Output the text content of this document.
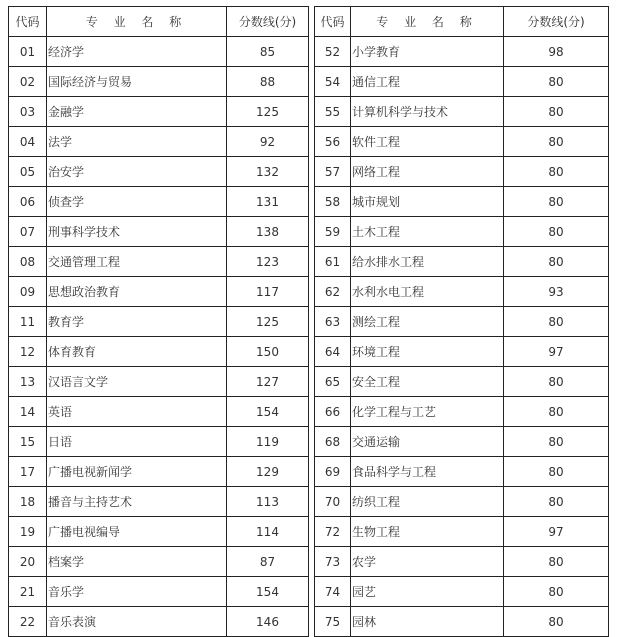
代码	专 业 名 称	分数线(分)
01	经济学	85
02	国际经济与贸易	88
03	金融学	125
04	法学	92
05	治安学	132
06	侦查学	131
07	刑事科学技术	138
08	交通管理工程	123
09	思想政治教育	117
11	教育学	125
12	体育教育	150
13	汉语言文学	127
14	英语	154
15	日语	119
17	广播电视新闻学	129
18	播音与主持艺术	113
19	广播电视编导	114
20	档案学	87
21	音乐学	154
22	音乐表演	146
代码	专 业 名 称	分数线(分)
52	小学教育	98
54	通信工程	80
55	计算机科学与技术	80
56	软件工程	80
57	网络工程	80
58	城市规划	80
59	土木工程	80
61	给水排水工程	80
62	水利水电工程	93
63	测绘工程	80
64	环境工程	97
65	安全工程	80
66	化学工程与工艺	80
68	交通运输	80
69	食品科学与工程	80
70	纺织工程	80
72	生物工程	97
73	农学	80
74	园艺	80
75	园林	80
